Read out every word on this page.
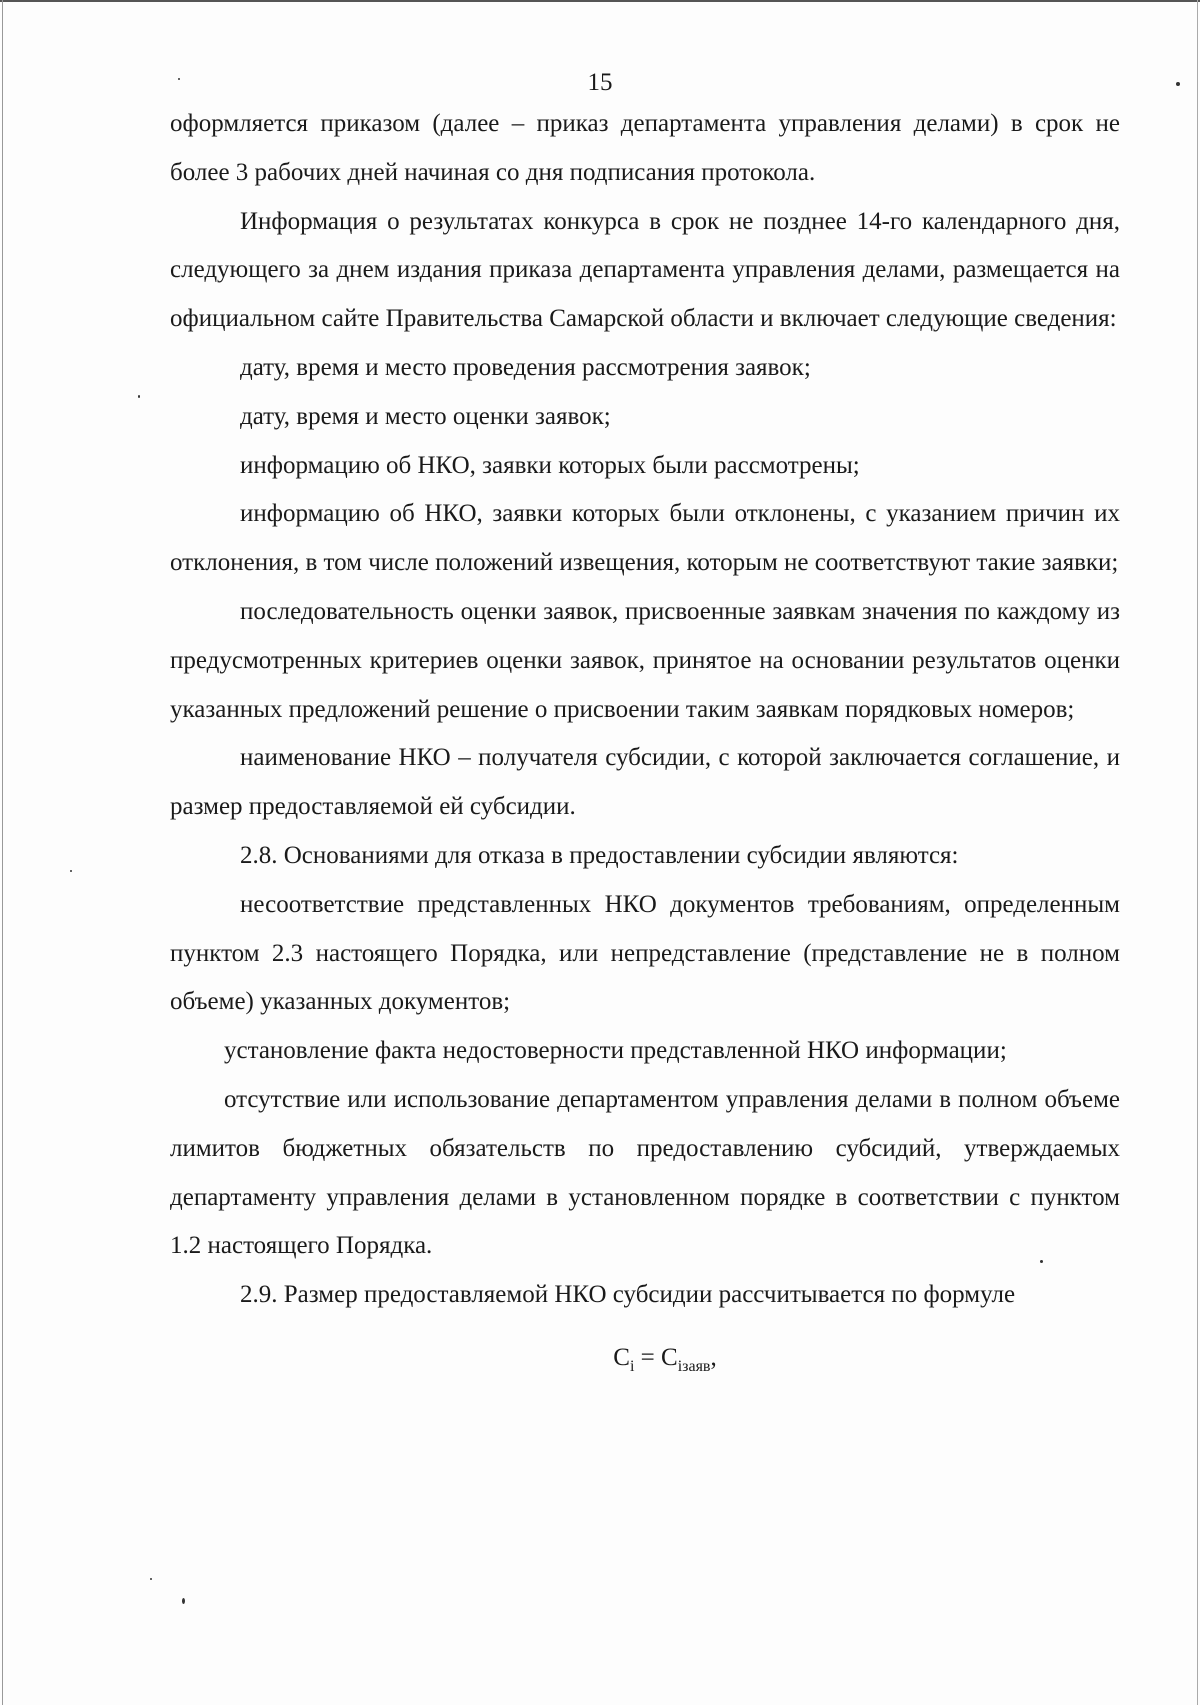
15

оформляется приказом (далее – приказ департамента управления делами) в срок не более 3 рабочих дней начиная со дня подписания протокола.

Информация о результатах конкурса в срок не позднее 14-го календарного дня, следующего за днем издания приказа департамента управления делами, размещается на официальном сайте Правительства Самарской области и включает следующие сведения:

дату, время и место проведения рассмотрения заявок;

дату, время и место оценки заявок;

информацию об НКО, заявки которых были рассмотрены;

информацию об НКО, заявки которых были отклонены, с указанием причин их отклонения, в том числе положений извещения, которым не соответствуют такие заявки;

последовательность оценки заявок, присвоенные заявкам значения по каждому из предусмотренных критериев оценки заявок, принятое на основании результатов оценки указанных предложений решение о присвоении таким заявкам порядковых номеров;

наименование НКО – получателя субсидии, с которой заключается соглашение, и размер предоставляемой ей субсидии.

2.8. Основаниями для отказа в предоставлении субсидии являются:

несоответствие представленных НКО документов требованиям, определенным пунктом 2.3 настоящего Порядка, или непредставление (представление не в полном объеме) указанных документов;

установление факта недостоверности представленной НКО информации;

отсутствие или использование департаментом управления делами в полном объеме лимитов бюджетных обязательств по предоставлению субсидий, утверждаемых департаменту управления делами в установленном порядке в соответствии с пунктом 1.2 настоящего Порядка.

2.9. Размер предоставляемой НКО субсидии рассчитывается по формуле

$C_i = C_{iзаяв}$,
